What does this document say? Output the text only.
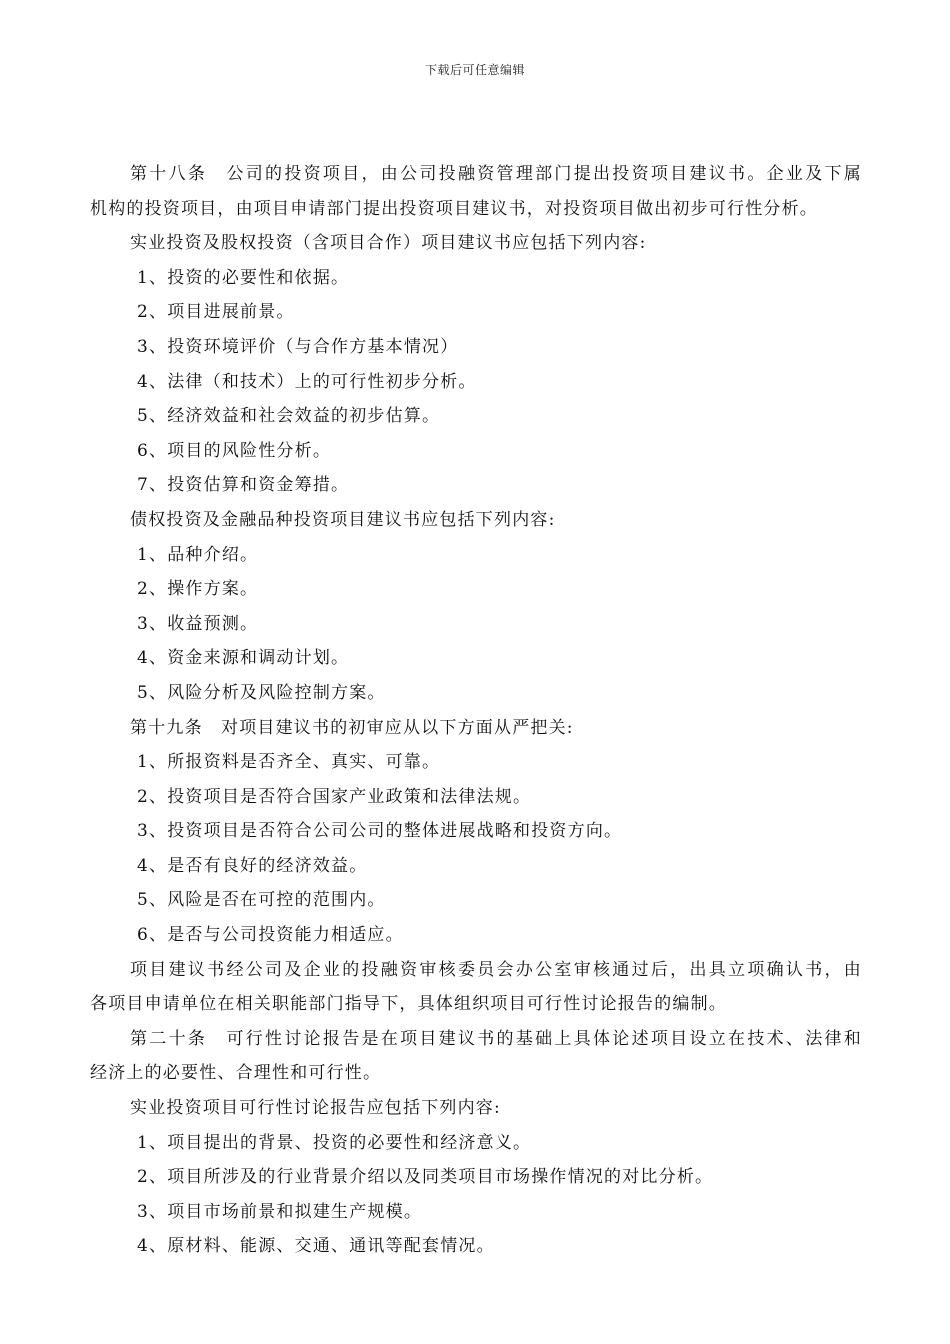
下载后可任意编辑
第十八条　公司的投资项目，由公司投融资管理部门提出投资项目建议书。企业及下属
机构的投资项目，由项目申请部门提出投资项目建议书，对投资项目做出初步可行性分析。
实业投资及股权投资（含项目合作）项目建议书应包括下列内容:
1、投资的必要性和依据。
2、项目进展前景。
3、投资环境评价（与合作方基本情况）
4、法律（和技术）上的可行性初步分析。
5、经济效益和社会效益的初步估算。
6、项目的风险性分析。
7、投资估算和资金筹措。
债权投资及金融品种投资项目建议书应包括下列内容:
1、品种介绍。
2、操作方案。
3、收益预测。
4、资金来源和调动计划。
5、风险分析及风险控制方案。
第十九条　对项目建议书的初审应从以下方面从严把关:
1、所报资料是否齐全、真实、可靠。
2、投资项目是否符合国家产业政策和法律法规。
3、投资项目是否符合公司公司的整体进展战略和投资方向。
4、是否有良好的经济效益。
5、风险是否在可控的范围内。
6、是否与公司投资能力相适应。
项目建议书经公司及企业的投融资审核委员会办公室审核通过后，出具立项确认书，由
各项目申请单位在相关职能部门指导下，具体组织项目可行性讨论报告的编制。
第二十条　可行性讨论报告是在项目建议书的基础上具体论述项目设立在技术、法律和
经济上的必要性、合理性和可行性。
实业投资项目可行性讨论报告应包括下列内容:
1、项目提出的背景、投资的必要性和经济意义。
2、项目所涉及的行业背景介绍以及同类项目市场操作情况的对比分析。
3、项目市场前景和拟建生产规模。
4、原材料、能源、交通、通讯等配套情况。
